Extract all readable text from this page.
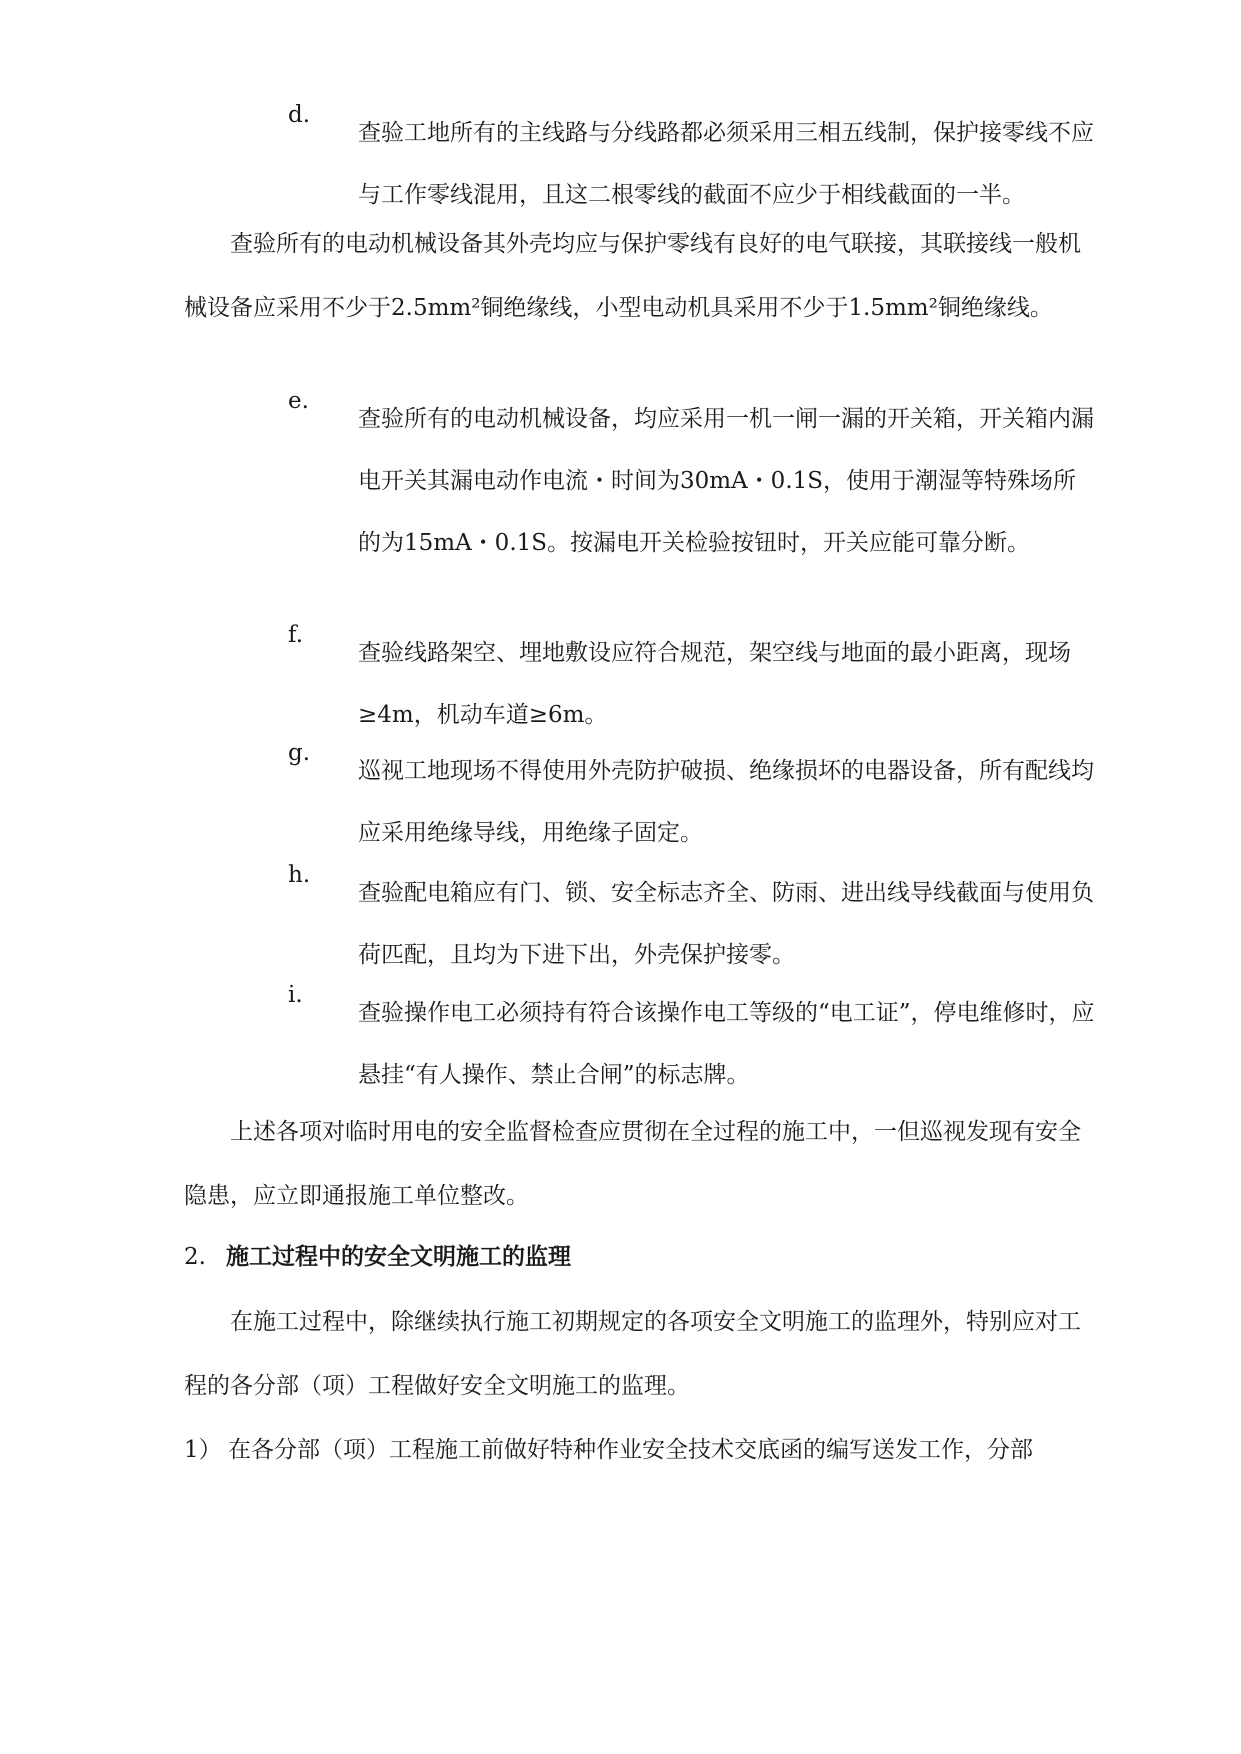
d.
查验工地所有的主线路与分线路都必须采用三相五线制，保护接零线不应与工作零线混用，且这二根零线的截面不应少于相线截面的一半。
查验所有的电动机械设备其外壳均应与保护零线有良好的电气联接，其联接线一般机械设备应采用不少于2.5mm²铜绝缘线，小型电动机具采用不少于1.5mm²铜绝缘线。
e.
查验所有的电动机械设备，均应采用一机一闸一漏的开关箱，开关箱内漏电开关其漏电动作电流・时间为30mA・0.1S，使用于潮湿等特殊场所的为15mA・0.1S。按漏电开关检验按钮时，开关应能可靠分断。
f.
查验线路架空、埋地敷设应符合规范，架空线与地面的最小距离，现场≥4m，机动车道≥6m。
g.
巡视工地现场不得使用外壳防护破损、绝缘损坏的电器设备，所有配线均应采用绝缘导线，用绝缘子固定。
h.
查验配电箱应有门、锁、安全标志齐全、防雨、进出线导线截面与使用负荷匹配，且均为下进下出，外壳保护接零。
i.
查验操作电工必须持有符合该操作电工等级的“电工证”，停电维修时，应悬挂“有人操作、禁止合闸”的标志牌。
上述各项对临时用电的安全监督检查应贯彻在全过程的施工中，一但巡视发现有安全隐患，应立即通报施工单位整改。
2. 施工过程中的安全文明施工的监理
在施工过程中，除继续执行施工初期规定的各项安全文明施工的监理外，特别应对工程的各分部（项）工程做好安全文明施工的监理。
1） 在各分部（项）工程施工前做好特种作业安全技术交底函的编写送发工作，分部
